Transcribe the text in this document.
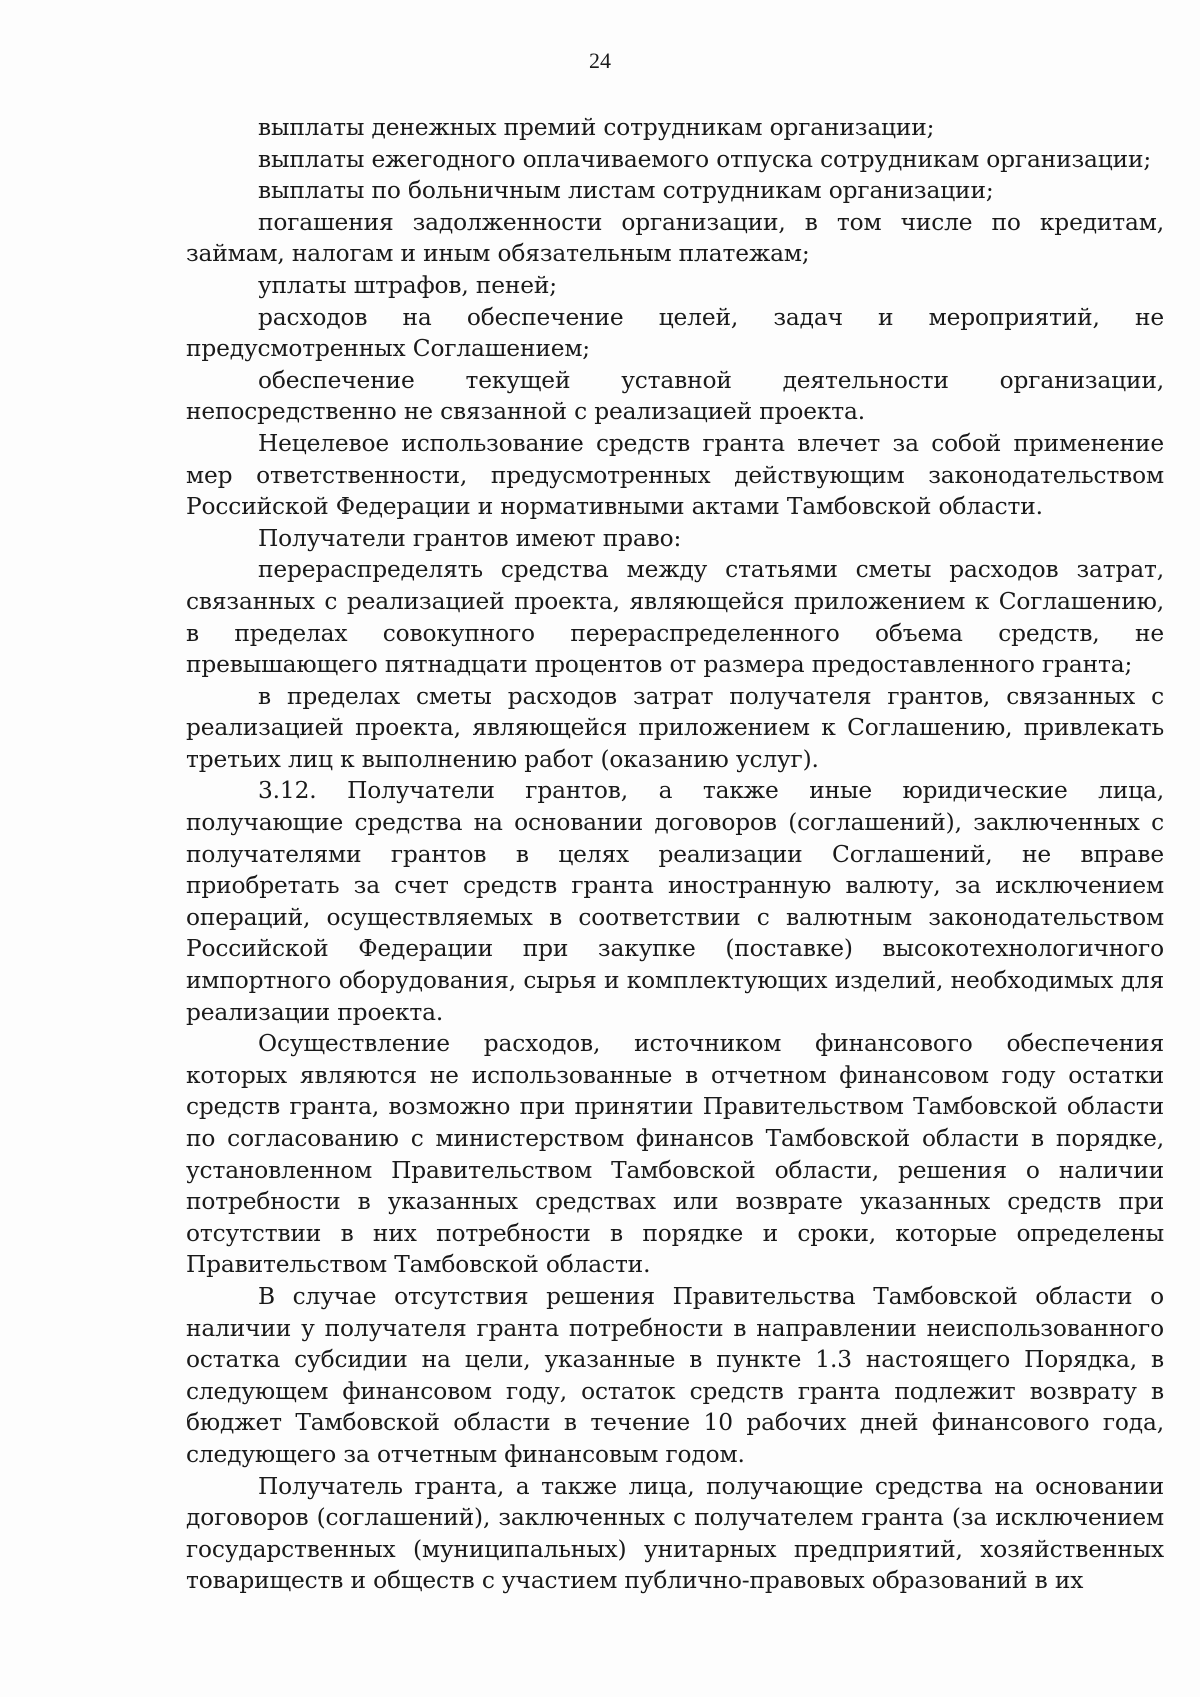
24

выплаты денежных премий сотрудникам организации;

выплаты ежегодного оплачиваемого отпуска сотрудникам организации;

выплаты по больничным листам сотрудникам организации;

погашения задолженности организации, в том числе по кредитам, займам, налогам и иным обязательным платежам;

уплаты штрафов, пеней;

расходов на обеспечение целей, задач и мероприятий, не предусмотренных Соглашением;

обеспечение текущей уставной деятельности организации, непосредственно не связанной с реализацией проекта.

Нецелевое использование средств гранта влечет за собой применение мер ответственности, предусмотренных действующим законодательством Российской Федерации и нормативными актами Тамбовской области.

Получатели грантов имеют право:

перераспределять средства между статьями сметы расходов затрат, связанных с реализацией проекта, являющейся приложением к Соглашению, в пределах совокупного перераспределенного объема средств, не превышающего пятнадцати процентов от размера предоставленного гранта;

в пределах сметы расходов затрат получателя грантов, связанных с реализацией проекта, являющейся приложением к Соглашению, привлекать третьих лиц к выполнению работ (оказанию услуг).

3.12. Получатели грантов, а также иные юридические лица, получающие средства на основании договоров (соглашений), заключенных с получателями грантов в целях реализации Соглашений, не вправе приобретать за счет средств гранта иностранную валюту, за исключением операций, осуществляемых в соответствии с валютным законодательством Российской Федерации при закупке (поставке) высокотехнологичного импортного оборудования, сырья и комплектующих изделий, необходимых для реализации проекта.

Осуществление расходов, источником финансового обеспечения которых являются не использованные в отчетном финансовом году остатки средств гранта, возможно при принятии Правительством Тамбовской области по согласованию с министерством финансов Тамбовской области в порядке, установленном Правительством Тамбовской области, решения о наличии потребности в указанных средствах или возврате указанных средств при отсутствии в них потребности в порядке и сроки, которые определены Правительством Тамбовской области.

В случае отсутствия решения Правительства Тамбовской области о наличии у получателя гранта потребности в направлении неиспользованного остатка субсидии на цели, указанные в пункте 1.3 настоящего Порядка, в следующем финансовом году, остаток средств гранта подлежит возврату в бюджет Тамбовской области в течение 10 рабочих дней финансового года, следующего за отчетным финансовым годом.

Получатель гранта, а также лица, получающие средства на основании договоров (соглашений), заключенных с получателем гранта (за исключением государственных (муниципальных) унитарных предприятий, хозяйственных товариществ и обществ с участием публично-правовых образований в их
